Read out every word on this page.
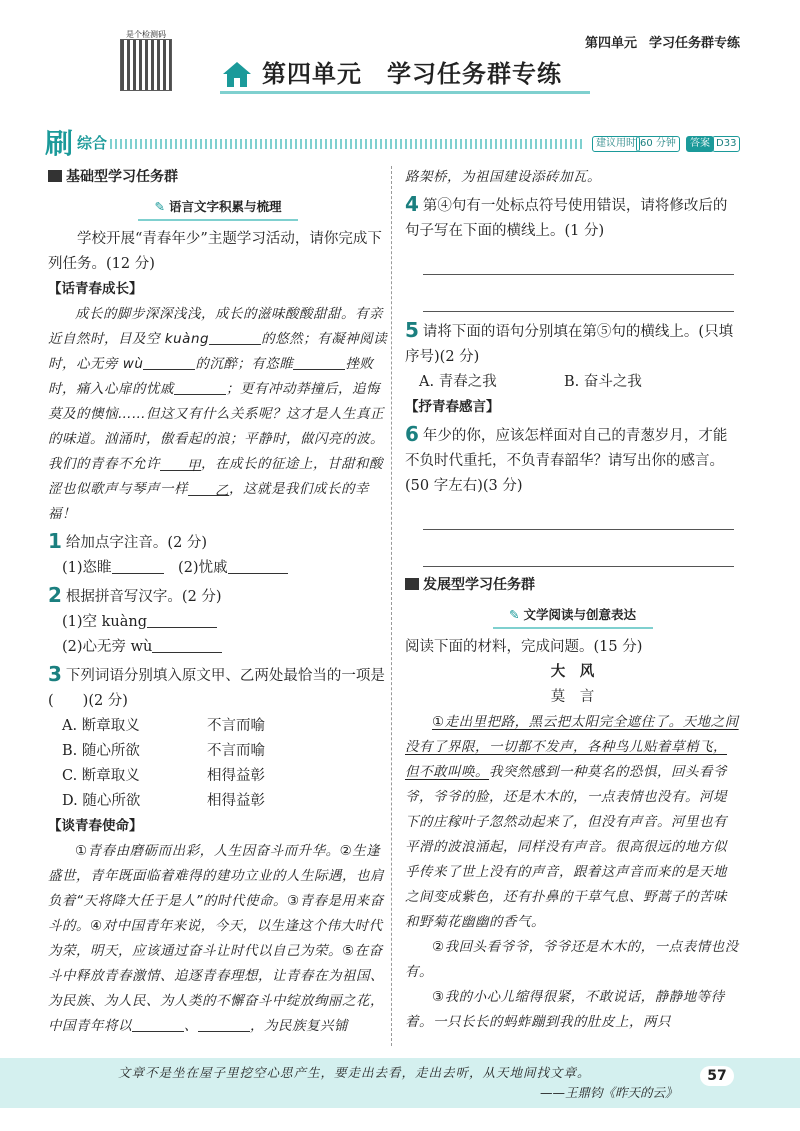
第四单元 学习任务群专练
是个检测码
第四单元　学习任务群专练
刷 综合	建议用时 60 分钟	答案 D33
基础型学习任务群
✎ 语言文字积累与梳理

学校开展“青春年少”主题学习活动，请你完成下列任务。(12 分)

【话青春成长】

成长的脚步深深浅浅，成长的滋味酸酸甜甜。有亲近自然时，目及空 kuàng	的悠然；有凝神阅读时，心无旁 wù	的沉醉；有恣睢	挫败时，痛入心扉的忧戚	；更有冲动莽撞后，追悔莫及的懊恼……但这又有什么关系呢？这才是人生真正的味道。汹涌时，傲看起的浪；平静时，做闪亮的波。我们的青春不允许 甲，在成长的征途上，甘甜和酸涩也似歌声与琴声一样 乙，这就是我们成长的幸福！

1 给加点字注音。(2 分)
(1)恣睢　	(2)忧戚
2 根据拼音写汉字。(2 分)
(1)空 kuàng
(2)心无旁 wù
3 下列词语分别填入原文甲、乙两处最恰当的一项是　　(　　)(2 分)
A. 断章取义	不言而喻
B. 随心所欲	不言而喻
C. 断章取义	相得益彰
D. 随心所欲	相得益彰
【谈青春使命】

①青春由磨砺而出彩，人生因奋斗而升华。②生逢盛世，青年既面临着难得的建功立业的人生际遇，也肩负着“天将降大任于是人”的时代使命。③青春是用来奋斗的。④对中国青年来说，今天，以生逢这个伟大时代为荣，明天，应该通过奋斗让时代以自己为荣。⑤在奋斗中释放青春激情、追逐青春理想，让青春在为祖国、为民族、为人民、为人类的不懈奋斗中绽放绚丽之花，中国青年将以	、	，为民族复兴铺

路架桥，为祖国建设添砖加瓦。

4 第④句有一处标点符号使用错误，请将修改后的句子写在下面的横线上。(1 分)
5 请将下面的语句分别填在第⑤句的横线上。(只填序号)(2 分)
A. 青春之我	B. 奋斗之我
【抒青春感言】
6 年少的你，应该怎样面对自己的青葱岁月，才能不负时代重托，不负青春韶华？请写出你的感言。(50 字左右)(3 分)
发展型学习任务群
✎ 文学阅读与创意表达

阅读下面的材料，完成问题。(15 分)

大　风
莫　言

①走出里把路，黑云把太阳完全遮住了。天地之间没有了界限，一切都不发声，各种鸟儿贴着草梢飞，但不敢叫唤。我突然感到一种莫名的恐惧，回头看爷爷，爷爷的脸，还是木木的，一点表情也没有。河堤下的庄稼叶子忽然动起来了，但没有声音。河里也有平滑的波浪涌起，同样没有声音。很高很远的地方似乎传来了世上没有的声音，跟着这声音而来的是天地之间变成紫色，还有扑鼻的干草气息、野蒿子的苦味和野菊花幽幽的香气。

②我回头看爷爷，爷爷还是木木的，一点表情也没有。

③我的小心儿缩得很紧，不敢说话，静静地等待着。一只长长的蚂蚱蹦到我的肚皮上，两只

文章不是坐在屋子里挖空心思产生，要走出去看，走出去听，从天地间找文章。
——王鼎钧《昨天的云》
57
